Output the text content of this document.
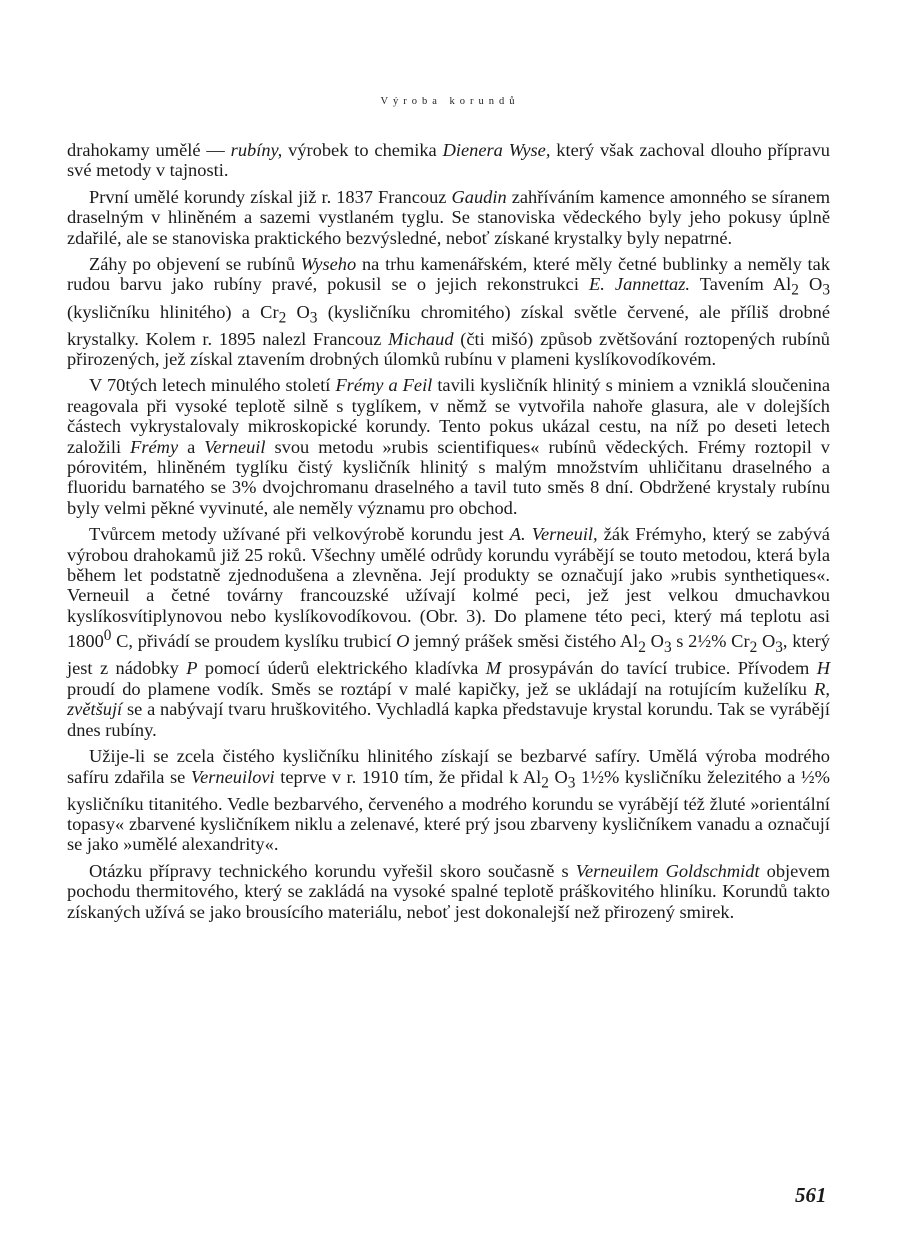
Výroba korundů

drahokamy umělé — rubíny, výrobek to chemika Dienera Wyse, který však zachoval dlouho přípravu své metody v tajnosti.

První umělé korundy získal již r. 1837 Francouz Gaudin zahříváním kamence amonného se síranem draselným v hliněném a sazemi vystlaném tyglu. Se stanoviska vědeckého byly jeho pokusy úplně zdařilé, ale se stanoviska praktického bezvýsledné, neboť získané krystalky byly nepatrné.

Záhy po objevení se rubínů Wyseho na trhu kamenářském, které měly četné bublinky a neměly tak rudou barvu jako rubíny pravé, pokusil se o jejich rekonstrukci E. Jannettaz. Tavením $Al_2$ $O_3$ (kysličníku hlinitého) a $Cr_2$ $O_3$ (kysličníku chromitého) získal světle červené, ale příliš drobné krystalky. Kolem r. 1895 nalezl Francouz Michaud (čti mišó) způsob zvětšování roztopených rubínů přirozených, jež získal ztavením drobných úlomků rubínu v plameni kyslíkovodíkovém.

V 70tých letech minulého století Frémy a Feil tavili kysličník hlinitý s miniem a vzniklá sloučenina reagovala při vysoké teplotě silně s tyglíkem, v němž se vytvořila nahoře glasura, ale v dolejších částech vykrystalovaly mikroskopické korundy. Tento pokus ukázal cestu, na níž po deseti letech založili Frémy a Verneuil svou metodu »rubis scientifiques« rubínů vědeckých. Frémy roztopil v pórovitém, hliněném tyglíku čistý kysličník hlinitý s malým množstvím uhličitanu draselného a fluoridu barnatého se 3% dvojchromanu draselného a tavil tuto směs 8 dní. Obdržené krystaly rubínu byly velmi pěkné vyvinuté, ale neměly významu pro obchod.

Tvůrcem metody užívané při velkovýrobě korundu jest A. Verneuil, žák Frémyho, který se zabývá výrobou drahokamů již 25 roků. Všechny umělé odrůdy korundu vyrábějí se touto metodou, která byla během let podstatně zjednodušena a zlevněna. Její produkty se označují jako »rubis synthetiques«. Verneuil a četné továrny francouzské užívají kolmé peci, jež jest velkou dmuchavkou kyslíkosvítiplynovou nebo kyslíkovodíkovou. (Obr. 3). Do plamene této peci, který má teplotu asi 1800$^0$ C, přivádí se proudem kyslíku trubicí O jemný prášek směsi čistého $Al_2$ $O_3$ s 2½% $Cr_2$ $O_3$, který jest z nádobky P pomocí úderů elektrického kladívka M prosypáván do tavící trubice. Přívodem H proudí do plamene vodík. Směs se roztápí v malé kapičky, jež se ukládají na rotujícím kuželíku R, zvětšují se a nabývají tvaru hruškovitého. Vychladlá kapka představuje krystal korundu. Tak se vyrábějí dnes rubíny.

Užije-li se zcela čistého kysličníku hlinitého získají se bezbarvé safíry. Umělá výroba modrého safíru zdařila se Verneuilovi teprve v r. 1910 tím, že přidal k $Al_2$ $O_3$ 1½% kysličníku železitého a ½% kysličníku titanitého. Vedle bezbarvého, červeného a modrého korundu se vyrábějí též žluté »orientální topasy« zbarvené kysličníkem niklu a zelenavé, které prý jsou zbarveny kysličníkem vanadu a označují se jako »umělé alexandrity«.

Otázku přípravy technického korundu vyřešil skoro současně s Verneuilem Goldschmidt objevem pochodu thermitového, který se zakládá na vysoké spalné teplotě práškovitého hliníku. Korundů takto získaných užívá se jako brousícího materiálu, neboť jest dokonalejší než přirozený smirek.

561
